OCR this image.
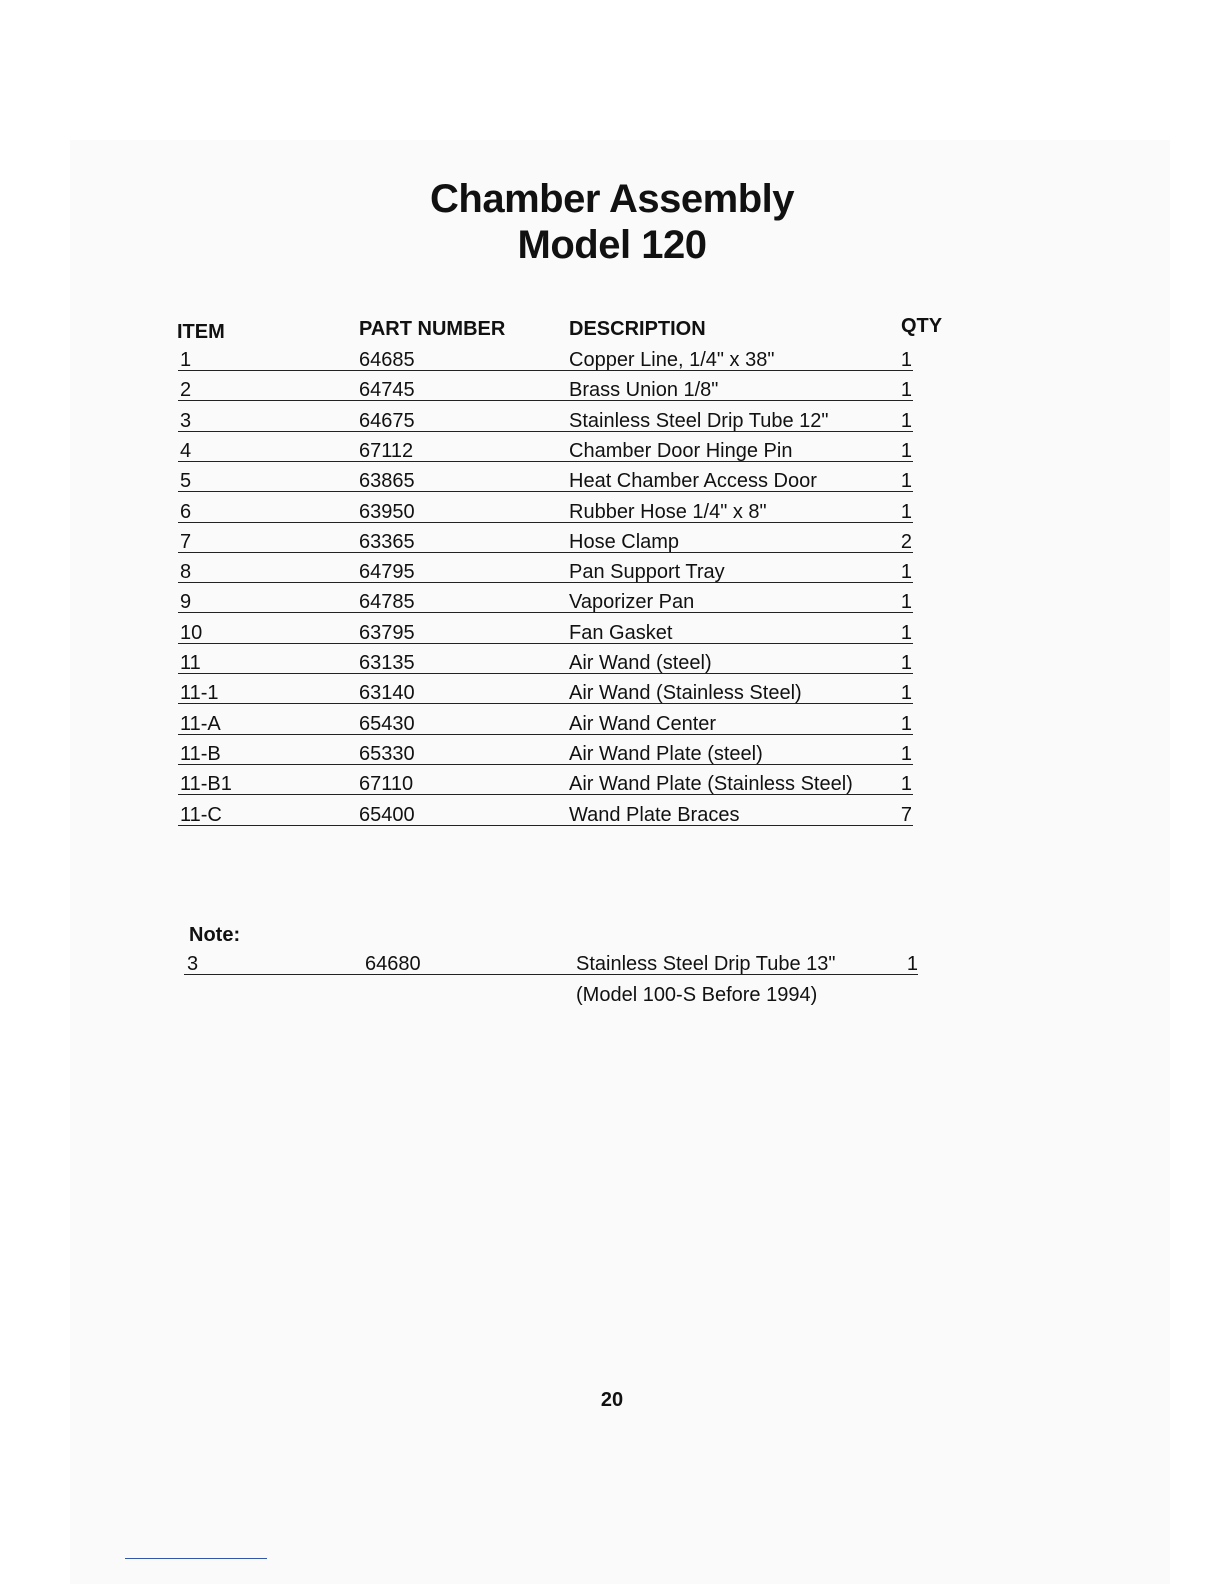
Chamber Assembly
Model 120
ITEM	PART NUMBER	DESCRIPTION	QTY
1	64685	Copper Line, 1/4" x 38"	1
2	64745	Brass Union 1/8"	1
3	64675	Stainless Steel Drip Tube 12"	1
4	67112	Chamber Door Hinge Pin	1
5	63865	Heat Chamber Access Door	1
6	63950	Rubber Hose 1/4" x 8"	1
7	63365	Hose Clamp	2
8	64795	Pan Support Tray	1
9	64785	Vaporizer Pan	1
10	63795	Fan Gasket	1
11	63135	Air Wand (steel)	1
11-1	63140	Air Wand (Stainless Steel)	1
11-A	65430	Air Wand Center	1
11-B	65330	Air Wand Plate (steel)	1
11-B1	67110	Air Wand Plate (Stainless Steel) 1
11-C	65400	Wand Plate Braces	7
Note:
3	64680	Stainless Steel Drip Tube 13"	1
(Model 100-S Before 1994)
20
